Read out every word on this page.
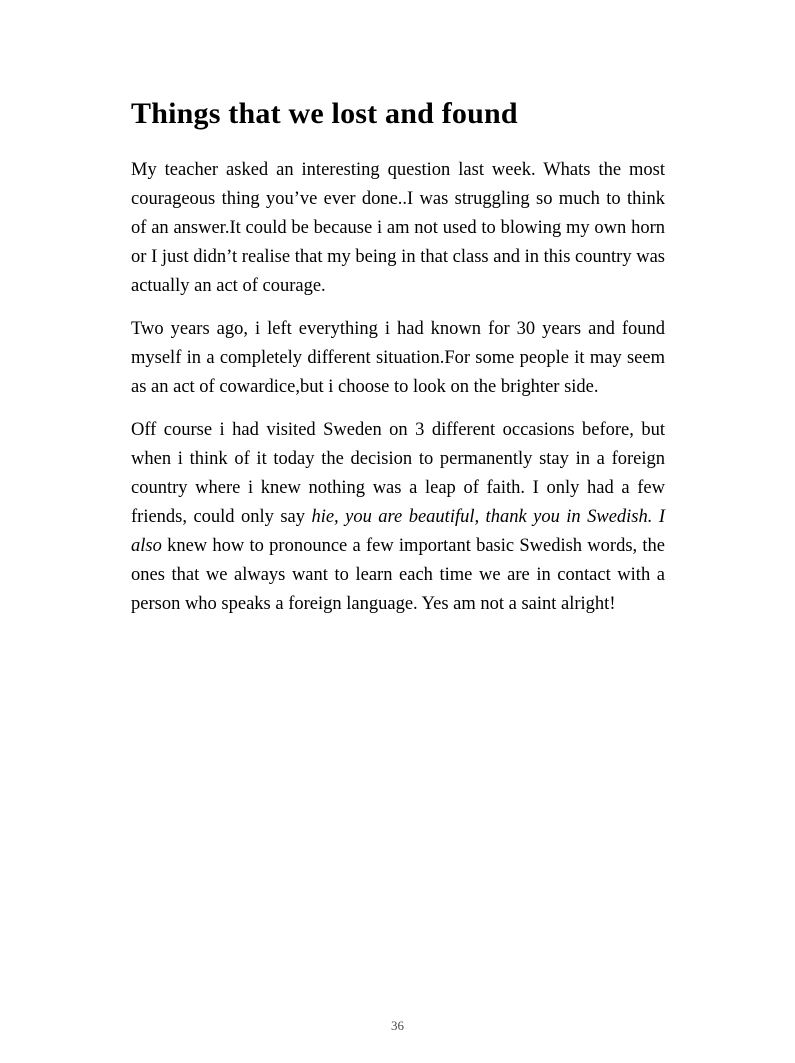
Things that we lost and found

My teacher asked an interesting question last week. Whats the most courageous thing you’ve ever done..I was struggling so much to think of an answer.It could be because i am not used to blowing my own horn or I just didn’t realise that my being in that class and in this country was actually an act of courage.

Two years ago, i left everything i had known for 30 years and found myself in a completely different situation.For some people it may seem as an act of cowardice,but i choose to look on the brighter side.

Off course i had visited Sweden on 3 different occasions before, but when i think of it today the decision to permanently stay in a foreign country where i knew nothing was a leap of faith. I only had a few friends, could only say hie, you are beautiful, thank you in Swedish. I also knew how to pronounce a few important basic Swedish words, the ones that we always want to learn each time we are in contact with a person who speaks a foreign language. Yes am not a saint alright!

36
